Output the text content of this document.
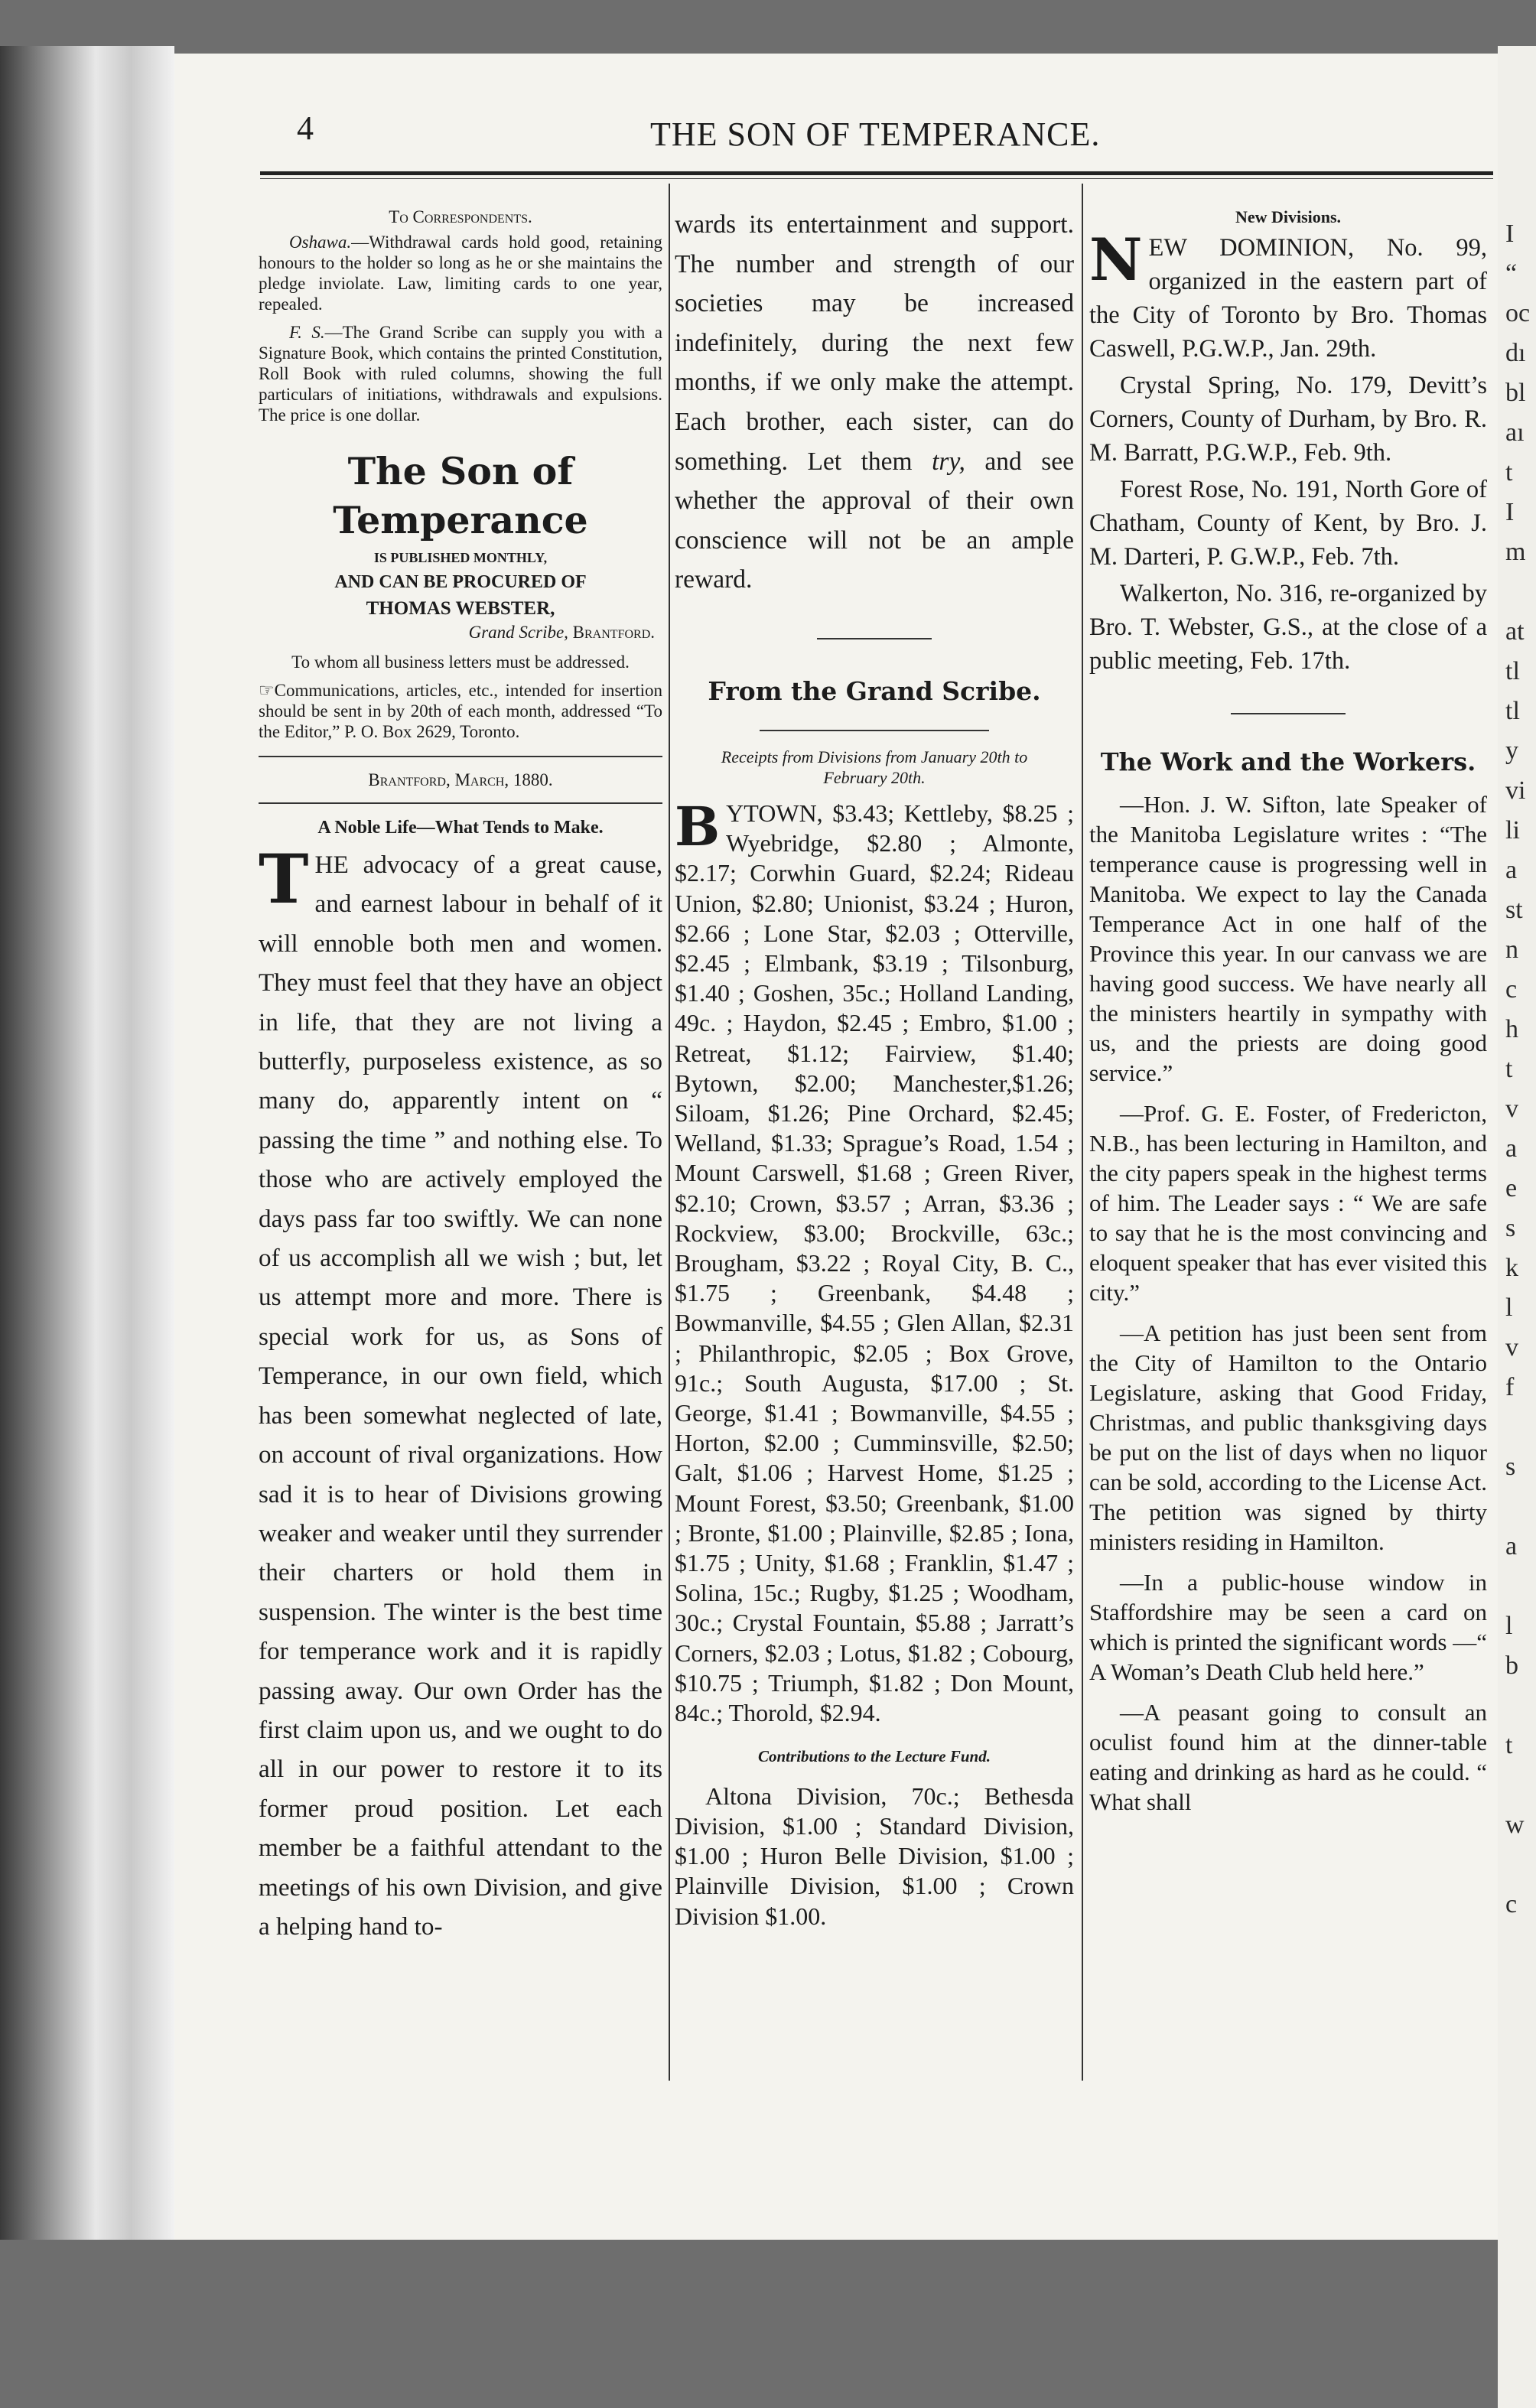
I
“
oc
dı
bl
aı
t
I
m

at
tl
tl
y
vi
li
a
st
n
c
h
t
v
a
e
s
k
l
v
f

s

a

l
b

t

w

c
4	THE SON OF TEMPERANCE.
To Correspondents.

Oshawa.—Withdrawal cards hold good, retaining honours to the holder so long as he or she maintains the pledge inviolate. Law, limiting cards to one year, repealed.

F. S.—The Grand Scribe can supply you with a Signature Book, which contains the printed Constitution, Roll Book with ruled columns, showing the full particulars of initiations, withdrawals and expulsions. The price is one dollar.

The Son of Temperance
IS PUBLISHED MONTHLY,
AND CAN BE PROCURED OF
THOMAS WEBSTER,
Grand Scribe, Brantford.
To whom all business letters must be addressed.

☞Communications, articles, etc., intended for insertion should be sent in by 20th of each month, addressed “To the Editor,” P. O. Box 2629, Toronto.

Brantford, March, 1880.
A Noble Life—What Tends to Make.

THE advocacy of a great cause, and earnest labour in behalf of it will ennoble both men and women. They must feel that they have an object in life, that they are not living a butterfly, purposeless existence, as so many do, apparently intent on “ passing the time ” and nothing else. To those who are actively employed the days pass far too swiftly. We can none of us accomplish all we wish ; but, let us attempt more and more. There is special work for us, as Sons of Temperance, in our own field, which has been somewhat neglected of late, on account of rival organizations. How sad it is to hear of Divisions growing weaker and weaker until they surrender their charters or hold them in suspension. The winter is the best time for temperance work and it is rapidly passing away. Our own Order has the first claim upon us, and we ought to do all in our power to restore it to its former proud position. Let each member be a faithful attendant to the meetings of his own Division, and give a helping hand to-

wards its entertainment and support. The number and strength of our societies may be increased indefinitely, during the next few months, if we only make the attempt. Each brother, each sister, can do something. Let them try, and see whether the approval of their own conscience will not be an ample reward.

From the Grand Scribe.
Receipts from Divisions from January 20th to February 20th.

BYTOWN, $3.43; Kettleby, $8.25 ; Wyebridge, $2.80 ; Almonte, $2.17; Corwhin Guard, $2.24; Rideau Union, $2.80; Unionist, $3.24 ; Huron, $2.66 ; Lone Star, $2.03 ; Otterville, $2.45 ; Elmbank, $3.19 ; Tilsonburg, $1.40 ; Goshen, 35c.; Holland Landing, 49c. ; Haydon, $2.45 ; Embro, $1.00 ; Retreat, $1.12; Fairview, $1.40; Bytown, $2.00; Manchester,$1.26; Siloam, $1.26; Pine Orchard, $2.45; Welland, $1.33; Sprague’s Road, 1.54 ; Mount Carswell, $1.68 ; Green River, $2.10; Crown, $3.57 ; Arran, $3.36 ; Rockview, $3.00; Brockville, 63c.; Brougham, $3.22 ; Royal City, B. C., $1.75 ; Greenbank, $4.48 ; Bowmanville, $4.55 ; Glen Allan, $2.31 ; Philanthropic, $2.05 ; Box Grove, 91c.; South Augusta, $17.00 ; St. George, $1.41 ; Bowmanville, $4.55 ; Horton, $2.00 ; Cumminsville, $2.50; Galt, $1.06 ; Harvest Home, $1.25 ; Mount Forest, $3.50; Greenbank, $1.00 ; Bronte, $1.00 ; Plainville, $2.85 ; Iona, $1.75 ; Unity, $1.68 ; Franklin, $1.47 ; Solina, 15c.; Rugby, $1.25 ; Woodham, 30c.; Crystal Fountain, $5.88 ; Jarratt’s Corners, $2.03 ; Lotus, $1.82 ; Cobourg, $10.75 ; Triumph, $1.82 ; Don Mount, 84c.; Thorold, $2.94.

Contributions to the Lecture Fund.

Altona Division, 70c.; Bethesda Division, $1.00 ; Standard Division, $1.00 ; Huron Belle Division, $1.00 ; Plainville Division, $1.00 ; Crown Division $1.00.

New Divisions.

NEW DOMINION, No. 99, organized in the eastern part of the City of Toronto by Bro. Thomas Caswell, P.G.W.P., Jan. 29th.

Crystal Spring, No. 179, Devitt’s Corners, County of Durham, by Bro. R. M. Barratt, P.G.W.P., Feb. 9th.

Forest Rose, No. 191, North Gore of Chatham, County of Kent, by Bro. J. M. Darteri, P. G.W.P., Feb. 7th.

Walkerton, No. 316, re-organized by Bro. T. Webster, G.S., at the close of a public meeting, Feb. 17th.

The Work and the Workers.

—Hon. J. W. Sifton, late Speaker of the Manitoba Legislature writes : “The temperance cause is progressing well in Manitoba. We expect to lay the Canada Temperance Act in one half of the Province this year. In our canvass we are having good success. We have nearly all the ministers heartily in sympathy with us, and the priests are doing good service.”

—Prof. G. E. Foster, of Fredericton, N.B., has been lecturing in Hamilton, and the city papers speak in the highest terms of him. The Leader says : “ We are safe to say that he is the most convincing and eloquent speaker that has ever visited this city.”

—A petition has just been sent from the City of Hamilton to the Ontario Legislature, asking that Good Friday, Christmas, and public thanksgiving days be put on the list of days when no liquor can be sold, according to the License Act. The petition was signed by thirty ministers residing in Hamilton.

—In a public-house window in Staffordshire may be seen a card on which is printed the significant words —“ A Woman’s Death Club held here.”

—A peasant going to consult an oculist found him at the dinner-table eating and drinking as hard as he could. “ What shall
